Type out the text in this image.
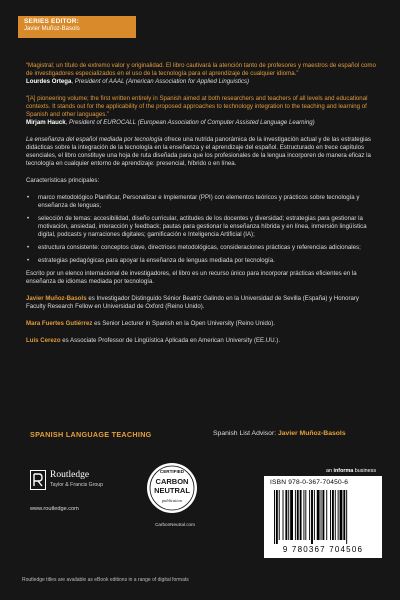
SERIES EDITOR:
Javier Muñoz-Basols
“Magistral; un título de extremo valor y originalidad. El libro cautivará la atención tanto de profesores y maestros de español como de investigadores especializados en el uso de la tecnología para el aprendizaje de cualquier idioma.”
Lourdes Ortega, President of AAAL (American Association for Applied Linguistics)
“[A] pioneering volume; the first written entirely in Spanish aimed at both researchers and teachers of all levels and educational contexts. It stands out for the applicability of the proposed approaches to technology integration to the teaching and learning of Spanish and other languages.”
Mirjam Hauck, President of EUROCALL (European Association of Computer Assisted Language Learning)
La enseñanza del español mediada por tecnología ofrece una nutrida panorámica de la investigación actual y de las estrategias didácticas sobre la integración de la tecnología en la enseñanza y el aprendizaje del español. Estructurado en trece capítulos esenciales, el libro constituye una hoja de ruta diseñada para que los profesionales de la lengua incorporen de manera eficaz la tecnología en cualquier entorno de aprendizaje: presencial, híbrido o en línea.
Características principales:
• marco metodológico Planificar, Personalizar e Implementar (PPI) con elementos teóricos y prácticos sobre tecnología y enseñanza de lenguas;
• selección de temas: accesibilidad, diseño curricular, actitudes de los docentes y diversidad; estrategias para gestionar la motivación, ansiedad, interacción y feedback; pautas para gestionar la enseñanza híbrida y en línea, inmersión lingüística digital, podcasts y narraciones digitales; gamificación e Inteligencia Artificial (IA);
• estructura consistente: conceptos clave, directrices metodológicas, consideraciones prácticas y referencias adicionales;
• estrategias pedagógicas para apoyar la enseñanza de lenguas mediada por tecnología.
Escrito por un elenco internacional de investigadores, el libro es un recurso único para incorporar prácticas eficientes en la enseñanza de idiomas mediada por tecnología.
Javier Muñoz-Basols es Investigador Distinguido Sénior Beatriz Galindo en la Universidad de Sevilla (España) y Honorary Faculty Research Fellow en Universidad de Oxford (Reino Unido).
Mara Fuertes Gutiérrez es Senior Lecturer in Spanish en la Open University (Reino Unido).
Luis Cerezo es Associate Professor de Lingüística Aplicada en American University (EE.UU.).
SPANISH LANGUAGE TEACHING	Spanish List Advisor: Javier Muñoz-Basols
Routledge
Taylor & Francis Group
www.routledge.com
CERTIFIED
CARBON
NEUTRAL
publication
CarbonNeutral.com
an informa business
ISBN 978-0-367-70450-6
9 780367 704506
Routledge titles are available as eBook editions in a range of digital formats
